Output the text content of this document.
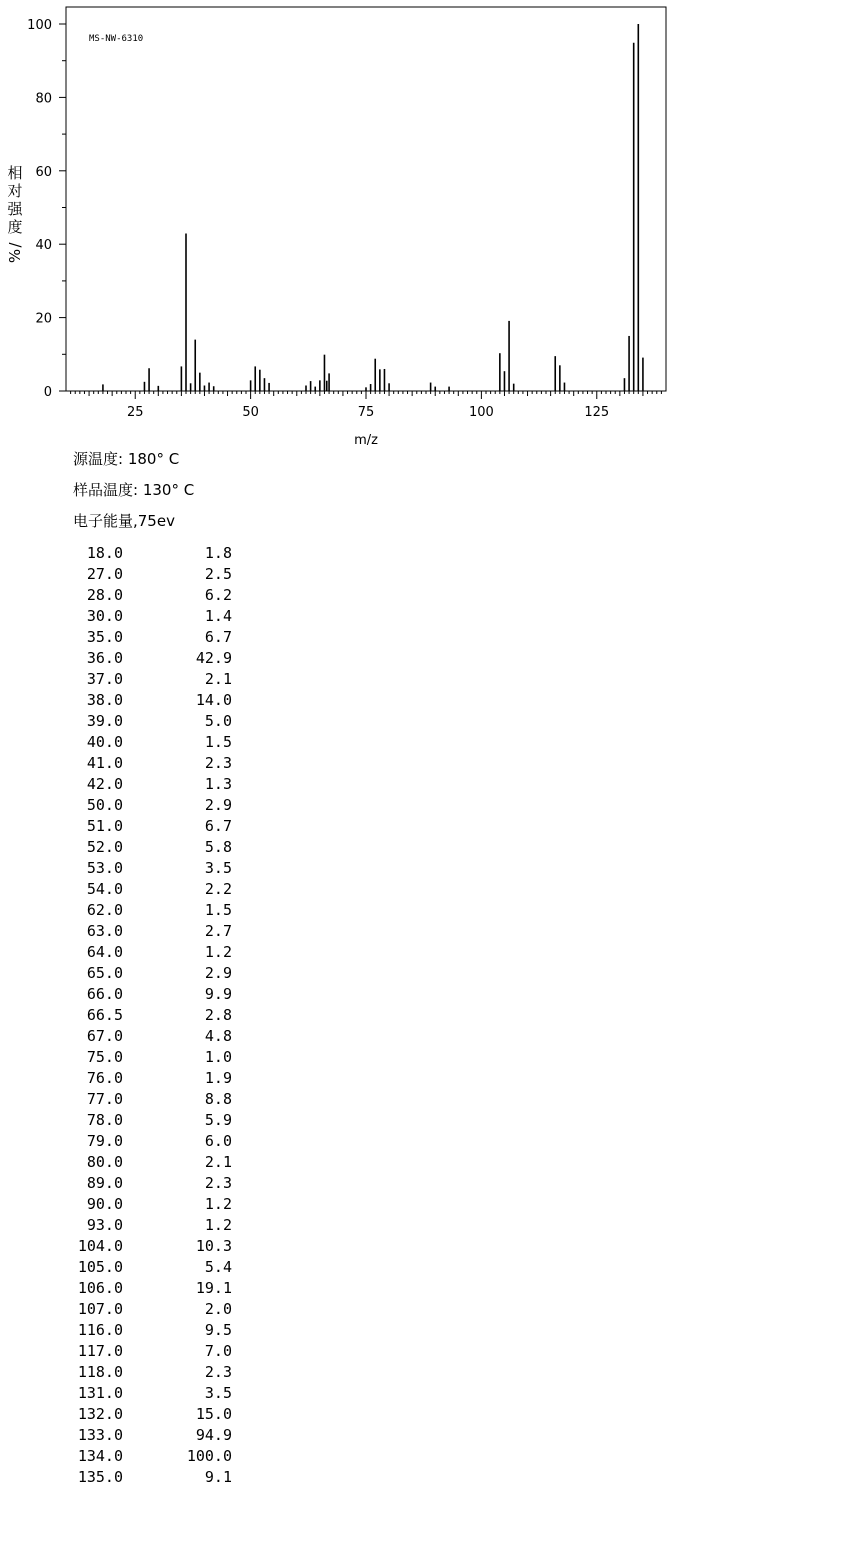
25	50	75	100	125
0
20
40
60
80
100
MS-NW-6310
m/z
相
对
强
度
/
%
源温度: 180° C
样品温度: 130° C
电子能量,75ev
18.0	1.8
27.0	2.5
28.0	6.2
30.0	1.4
35.0	6.7
36.0	42.9
37.0	2.1
38.0	14.0
39.0	5.0
40.0	1.5
41.0	2.3
42.0	1.3
50.0	2.9
51.0	6.7
52.0	5.8
53.0	3.5
54.0	2.2
62.0	1.5
63.0	2.7
64.0	1.2
65.0	2.9
66.0	9.9
66.5	2.8
67.0	4.8
75.0	1.0
76.0	1.9
77.0	8.8
78.0	5.9
79.0	6.0
80.0	2.1
89.0	2.3
90.0	1.2
93.0	1.2
104.0	10.3
105.0	5.4
106.0	19.1
107.0	2.0
116.0	9.5
117.0	7.0
118.0	2.3
131.0	3.5
132.0	15.0
133.0	94.9
134.0	100.0
135.0	9.1
